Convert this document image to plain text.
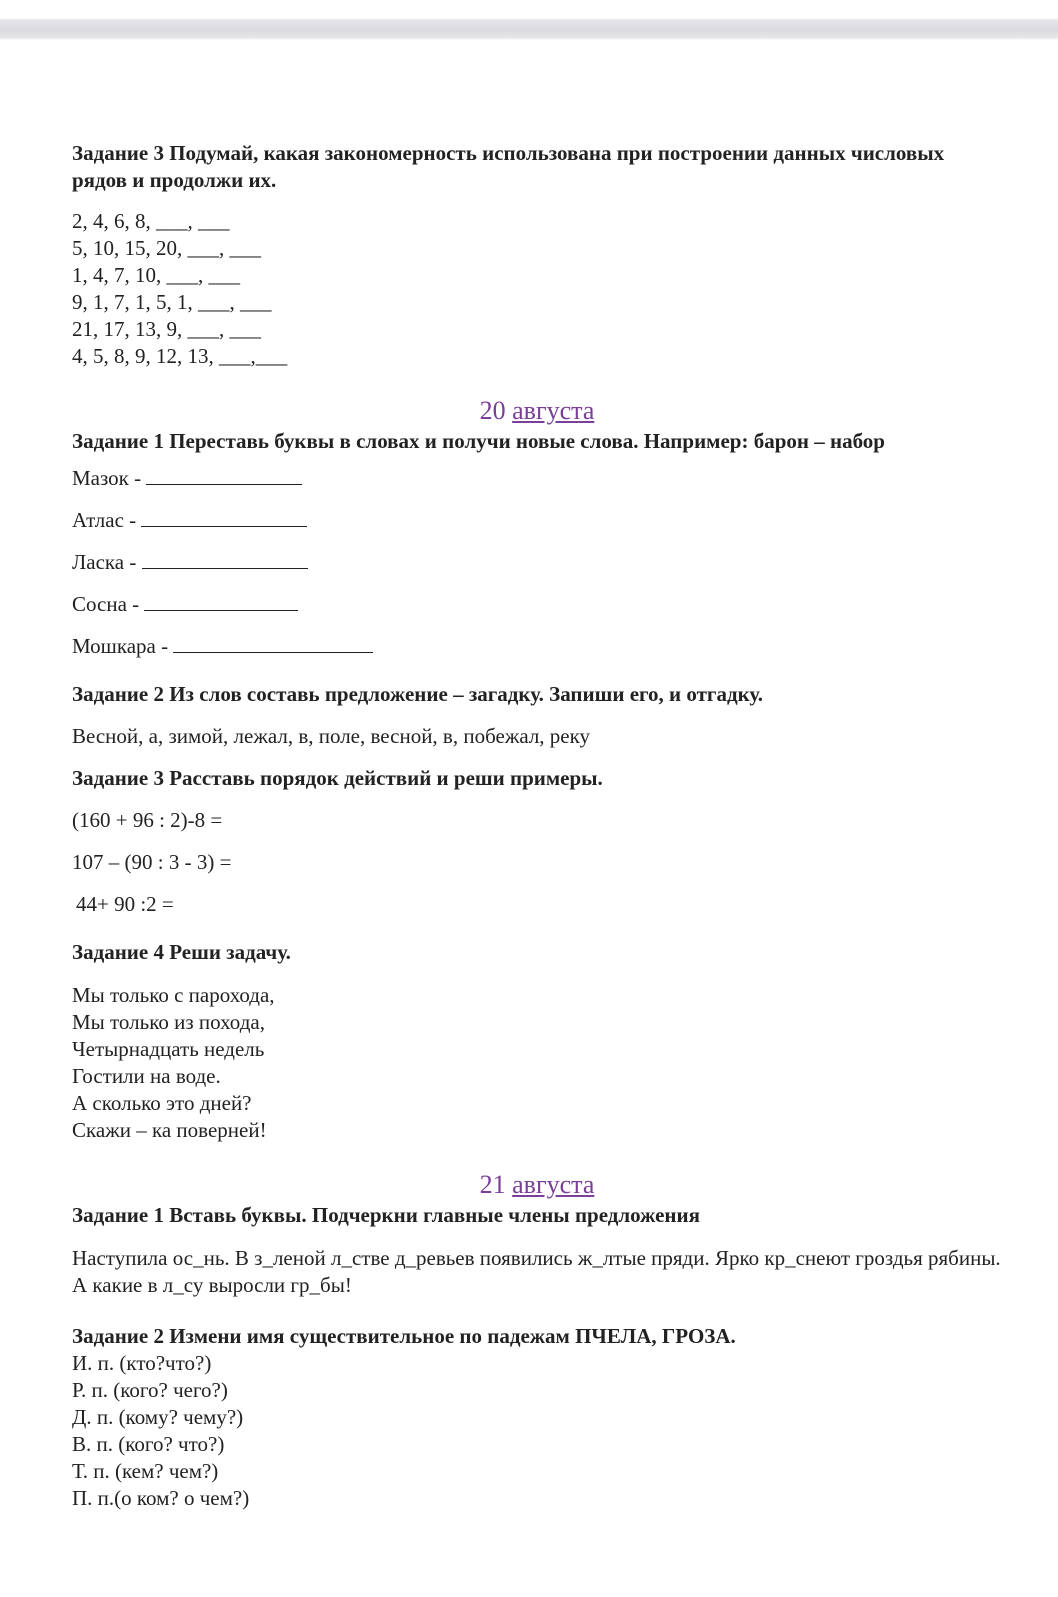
Задание 3 Подумай, какая закономерность использована при построении данных числовых рядов и продолжи их.

2, 4, 6, 8, ___, ___
5, 10, 15, 20, ___, ___
1, 4, 7, 10, ___, ___
9, 1, 7, 1, 5, 1, ___, ___
21, 17, 13, 9, ___, ___
4, 5, 8, 9, 12, 13, ___,___

20 августа

Задание 1 Переставь буквы в словах и получи новые слова. Например: барон – набор

Мазок -
Атлас -
Ласка -
Сосна -
Мошкара -

Задание 2 Из слов составь предложение – загадку. Запиши его, и отгадку.

Весной, а, зимой, лежал, в, поле, весной, в, побежал, реку

Задание 3 Расставь порядок действий и реши примеры.

(160 + 96 : 2)-8 =
107 – (90 : 3 - 3) =
44+ 90 :2 =

Задание 4 Реши задачу.

Мы только с парохода,
Мы только из похода,
Четырнадцать недель
Гостили на воде.
А сколько это дней?
Скажи – ка поверней!

21 августа

Задание 1 Вставь буквы. Подчеркни главные члены предложения

Наступила ос_нь. В з_леной л_стве д_ревьев появились ж_лтые пряди. Ярко кр_снеют гроздья рябины. А какие в л_су выросли гр_бы!

Задание 2 Измени имя существительное по падежам ПЧЕЛА, ГРОЗА.

И. п. (кто?что?)
Р. п. (кого? чего?)
Д. п. (кому? чему?)
В. п. (кого? что?)
Т. п. (кем? чем?)
П. п.(о ком? о чем?)
